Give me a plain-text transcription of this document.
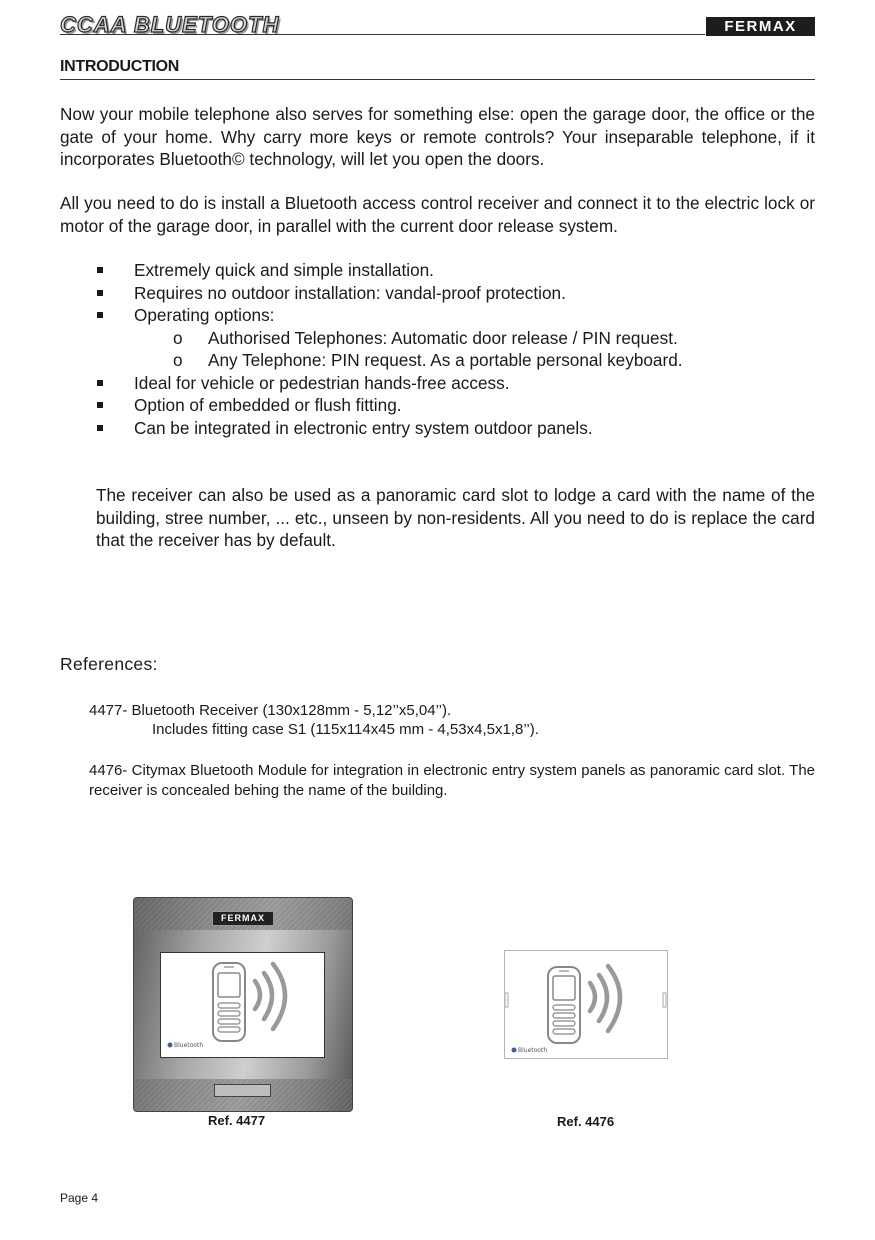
CCAA BLUETOOTH	FERMAX
INTRODUCTION
Now your mobile telephone also serves for something else: open the garage door, the office or the gate of your home. Why carry more keys or remote controls? Your inseparable telephone, if it incorporates Bluetooth© technology, will let you open the doors.
All you need to do is install a Bluetooth access control receiver and connect it to the electric lock or motor of the garage door, in parallel with the current door release system.
Extremely quick and simple installation.
Requires no outdoor installation: vandal-proof protection.
Operating options:
o Authorised Telephones: Automatic door release / PIN request.
o Any Telephone: PIN request. As a portable personal keyboard.
Ideal for vehicle or pedestrian hands-free access.
Option of embedded or flush fitting.
Can be integrated in electronic entry system outdoor panels.
The receiver can also be used as a panoramic card slot to lodge a card with the name of the building, stree number, ... etc., unseen by non-residents. All you need to do is replace the card that the receiver has by default.
References:
4477- Bluetooth Receiver (130x128mm - 5,12’’x5,04’’).
Includes fitting case S1 (115x114x45 mm - 4,53x4,5x1,8’’).
4476- Citymax Bluetooth Module for integration in electronic entry system panels as panoramic card slot. The receiver is concealed behing the name of the building.
FERMAX
Bluetooth
Bluetooth
Ref. 4477	Ref. 4476
Page 4
